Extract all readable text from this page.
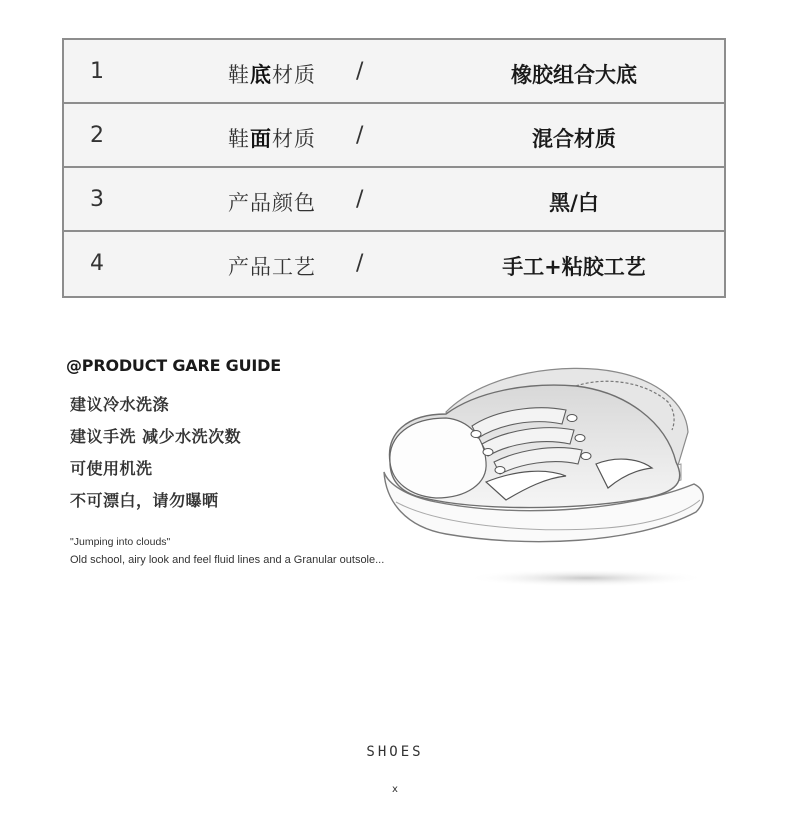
1	鞋底材质 /	橡胶组合大底
2	鞋面材质 /	混合材质
3	产品颜色 /	黑/白
4	产品工艺 /	手工+粘胶工艺
@PRODUCT GARE GUIDE
建议冷水洗涤
建议手洗 减少水洗次数
可使用机洗
不可漂白，请勿曝晒
"Jumping into clouds"
Old school, airy look and feel fluid lines and a Granular outsole...
SHOES
x
